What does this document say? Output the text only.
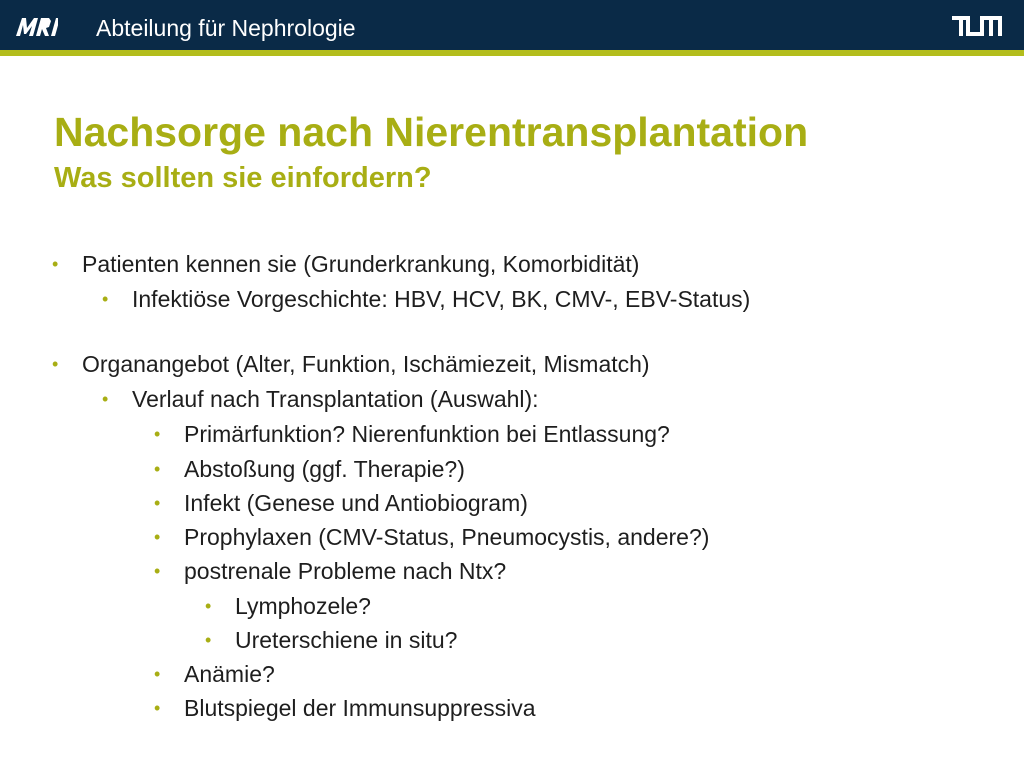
Abteilung für Nephrologie
Nachsorge nach Nierentransplantation
Was sollten sie einfordern?
• Patienten kennen sie (Grunderkrankung, Komorbidität)
• Infektiöse Vorgeschichte: HBV, HCV, BK, CMV-, EBV-Status)
• Organangebot (Alter, Funktion, Ischämiezeit, Mismatch)
• Verlauf nach Transplantation (Auswahl):
• Primärfunktion? Nierenfunktion bei Entlassung?
• Abstoßung (ggf. Therapie?)
• Infekt (Genese und Antiobiogram)
• Prophylaxen (CMV-Status, Pneumocystis, andere?)
• postrenale Probleme nach Ntx?
• Lymphozele?
• Ureterschiene in situ?
• Anämie?
• Blutspiegel der Immunsuppressiva
